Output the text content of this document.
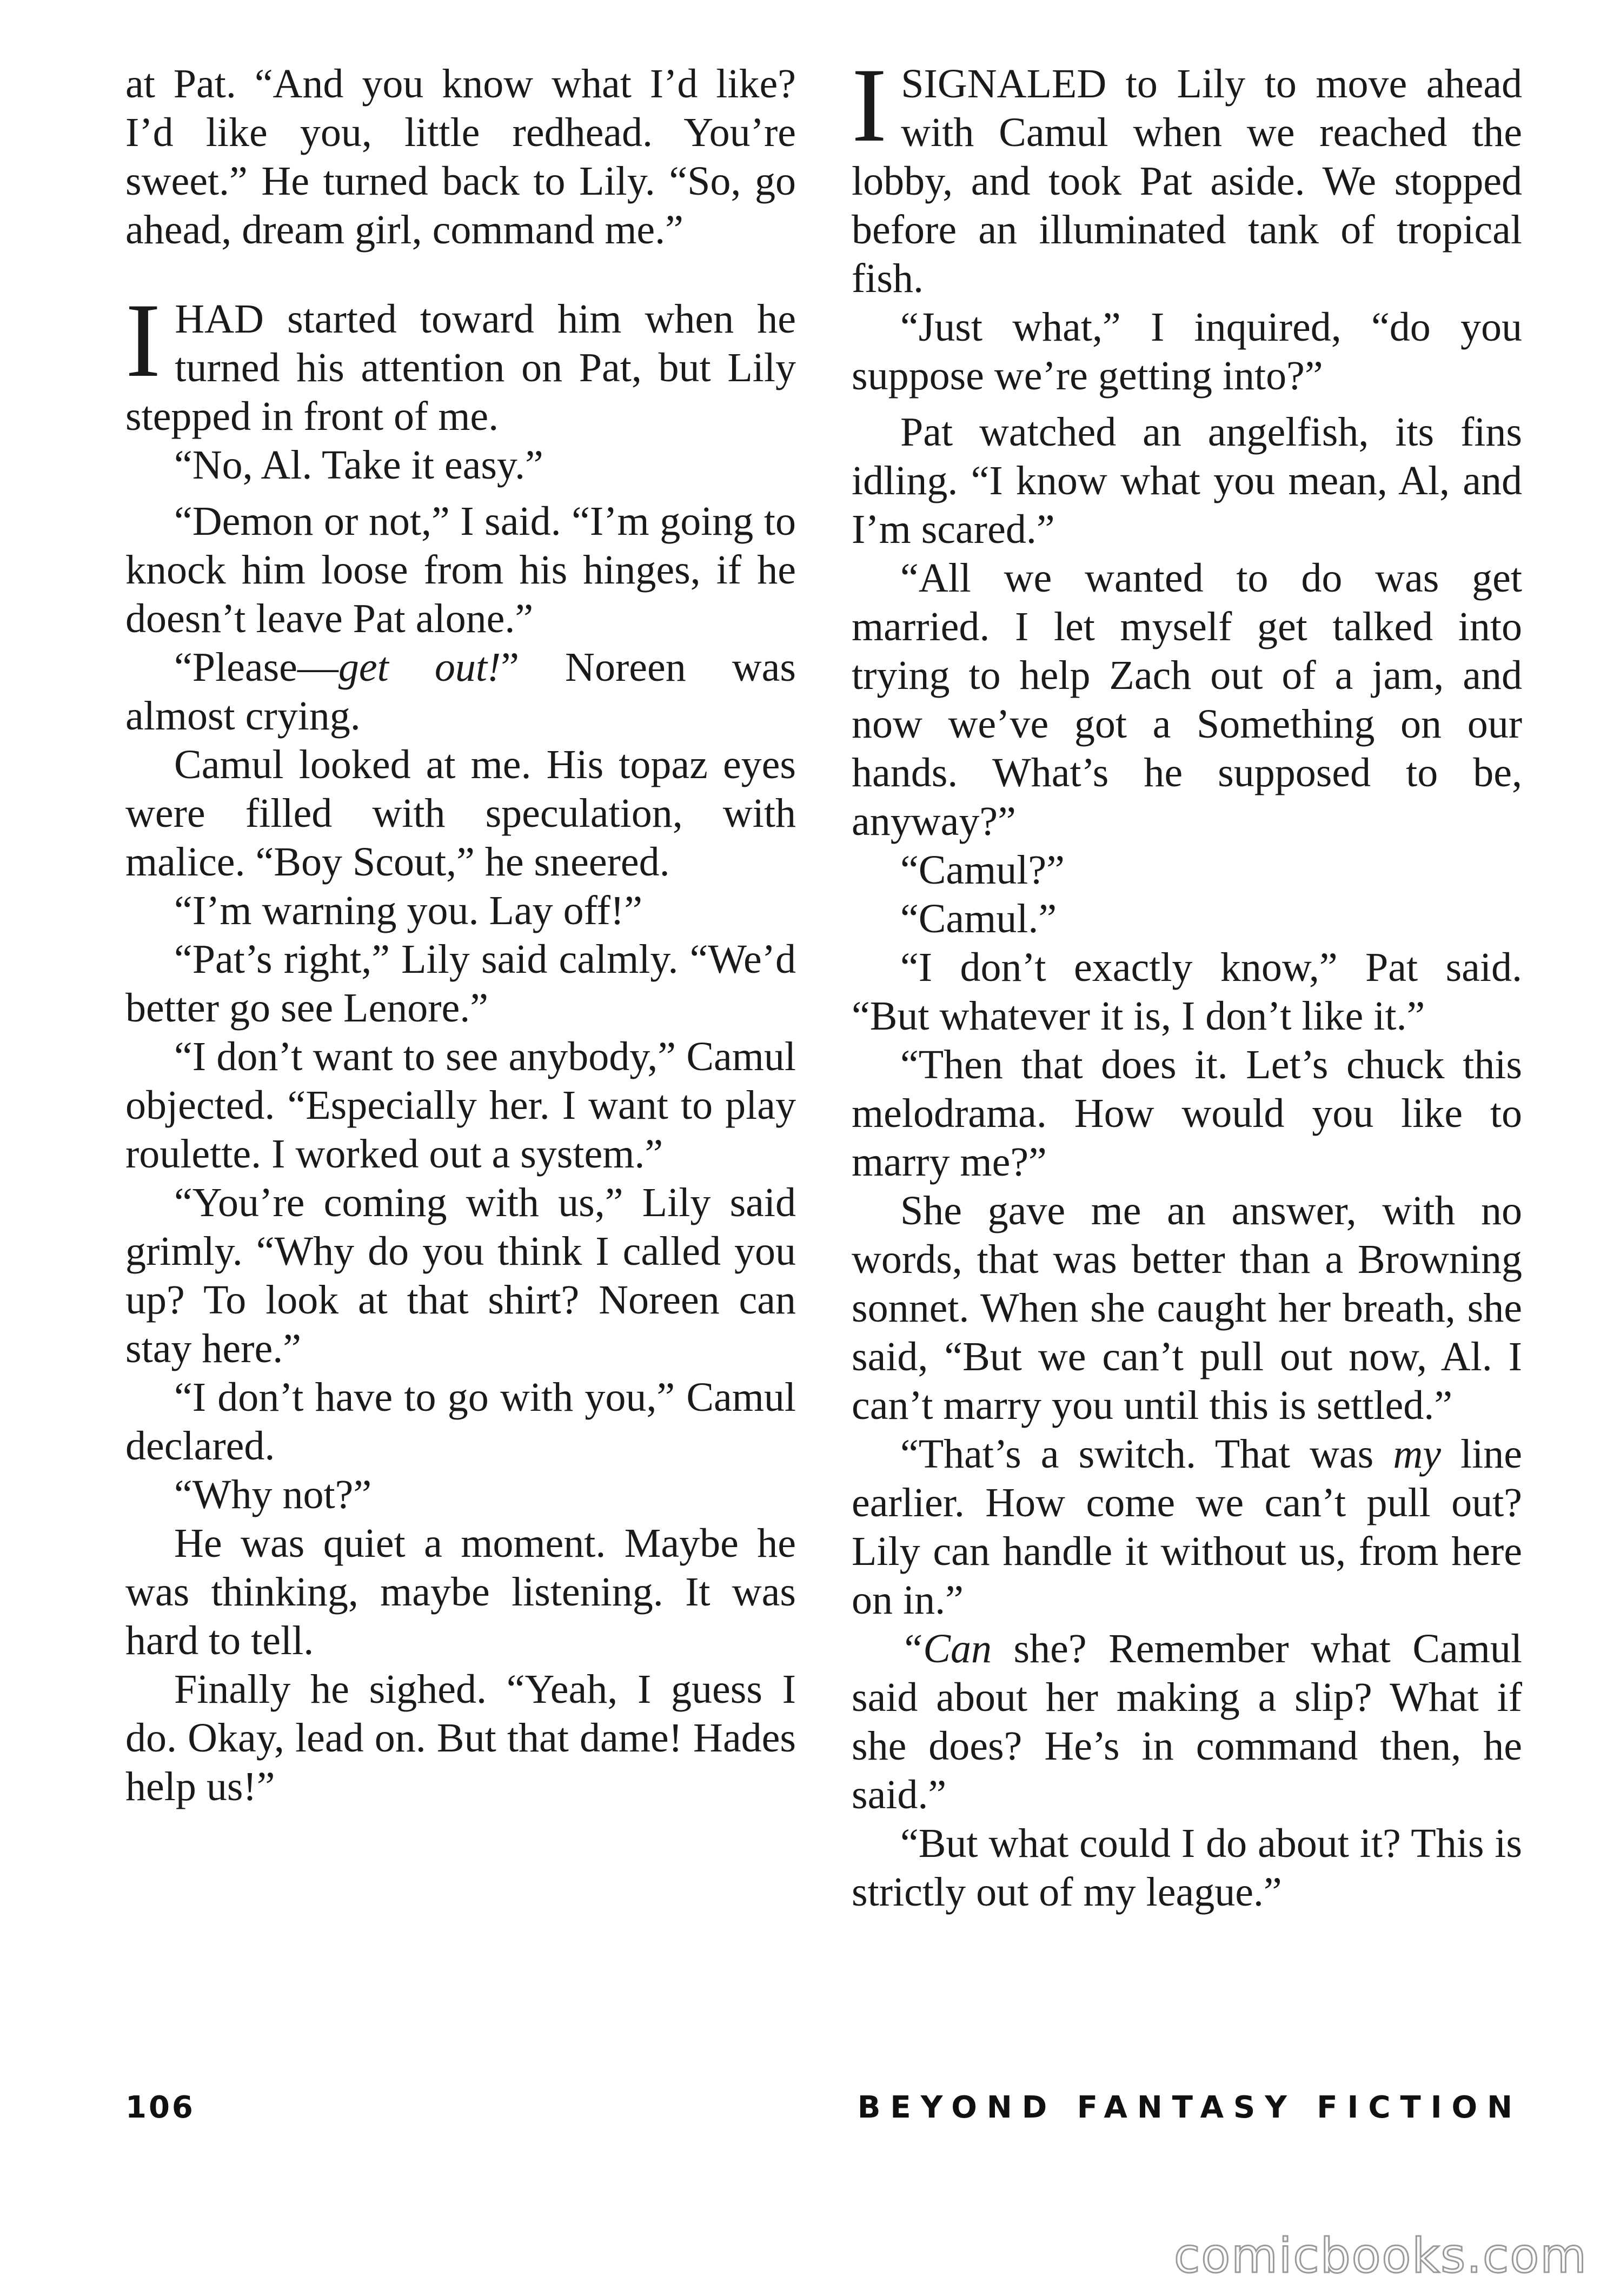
at Pat. “And you know what I’d like? I’d like you, little redhead. You’re sweet.” He turned back to Lily. “So, go ahead, dream girl, command me.”

IHAD started toward him when he turned his attention on Pat, but Lily stepped in front of me.

“No, Al. Take it easy.”

“Demon or not,” I said. “I’m going to knock him loose from his hinges, if he doesn’t leave Pat alone.”

“Please—get out!” Noreen was almost crying.

Camul looked at me. His topaz eyes were filled with speculation, with malice. “Boy Scout,” he sneered.

“I’m warning you. Lay off!”

“Pat’s right,” Lily said calmly. “We’d better go see Lenore.”

“I don’t want to see anybody,” Camul objected. “Especially her. I want to play roulette. I worked out a system.”

“You’re coming with us,” Lily said grimly. “Why do you think I called you up? To look at that shirt? Noreen can stay here.”

“I don’t have to go with you,” Camul declared.

“Why not?”

He was quiet a moment. Maybe he was thinking, maybe listening. It was hard to tell.

Finally he sighed. “Yeah, I guess I do. Okay, lead on. But that dame! Hades help us!”

ISIGNALED to Lily to move ahead with Camul when we reached the lobby, and took Pat aside. We stopped before an illuminated tank of tropical fish.

“Just what,” I inquired, “do you suppose we’re getting into?”

Pat watched an angelfish, its fins idling. “I know what you mean, Al, and I’m scared.”

“All we wanted to do was get married. I let myself get talked into trying to help Zach out of a jam, and now we’ve got a Something on our hands. What’s he supposed to be, anyway?”

“Camul?”

“Camul.”

“I don’t exactly know,” Pat said. “But whatever it is, I don’t like it.”

“Then that does it. Let’s chuck this melodrama. How would you like to marry me?”

She gave me an answer, with no words, that was better than a Browning sonnet. When she caught her breath, she said, “But we can’t pull out now, Al. I can’t marry you until this is settled.”

“That’s a switch. That was my line earlier. How come we can’t pull out? Lily can handle it without us, from here on in.”

“Can she? Remember what Camul said about her making a slip? What if she does? He’s in command then, he said.”

“But what could I do about it? This is strictly out of my league.”

106	BEYOND FANTASY FICTION
comicbooks.com
